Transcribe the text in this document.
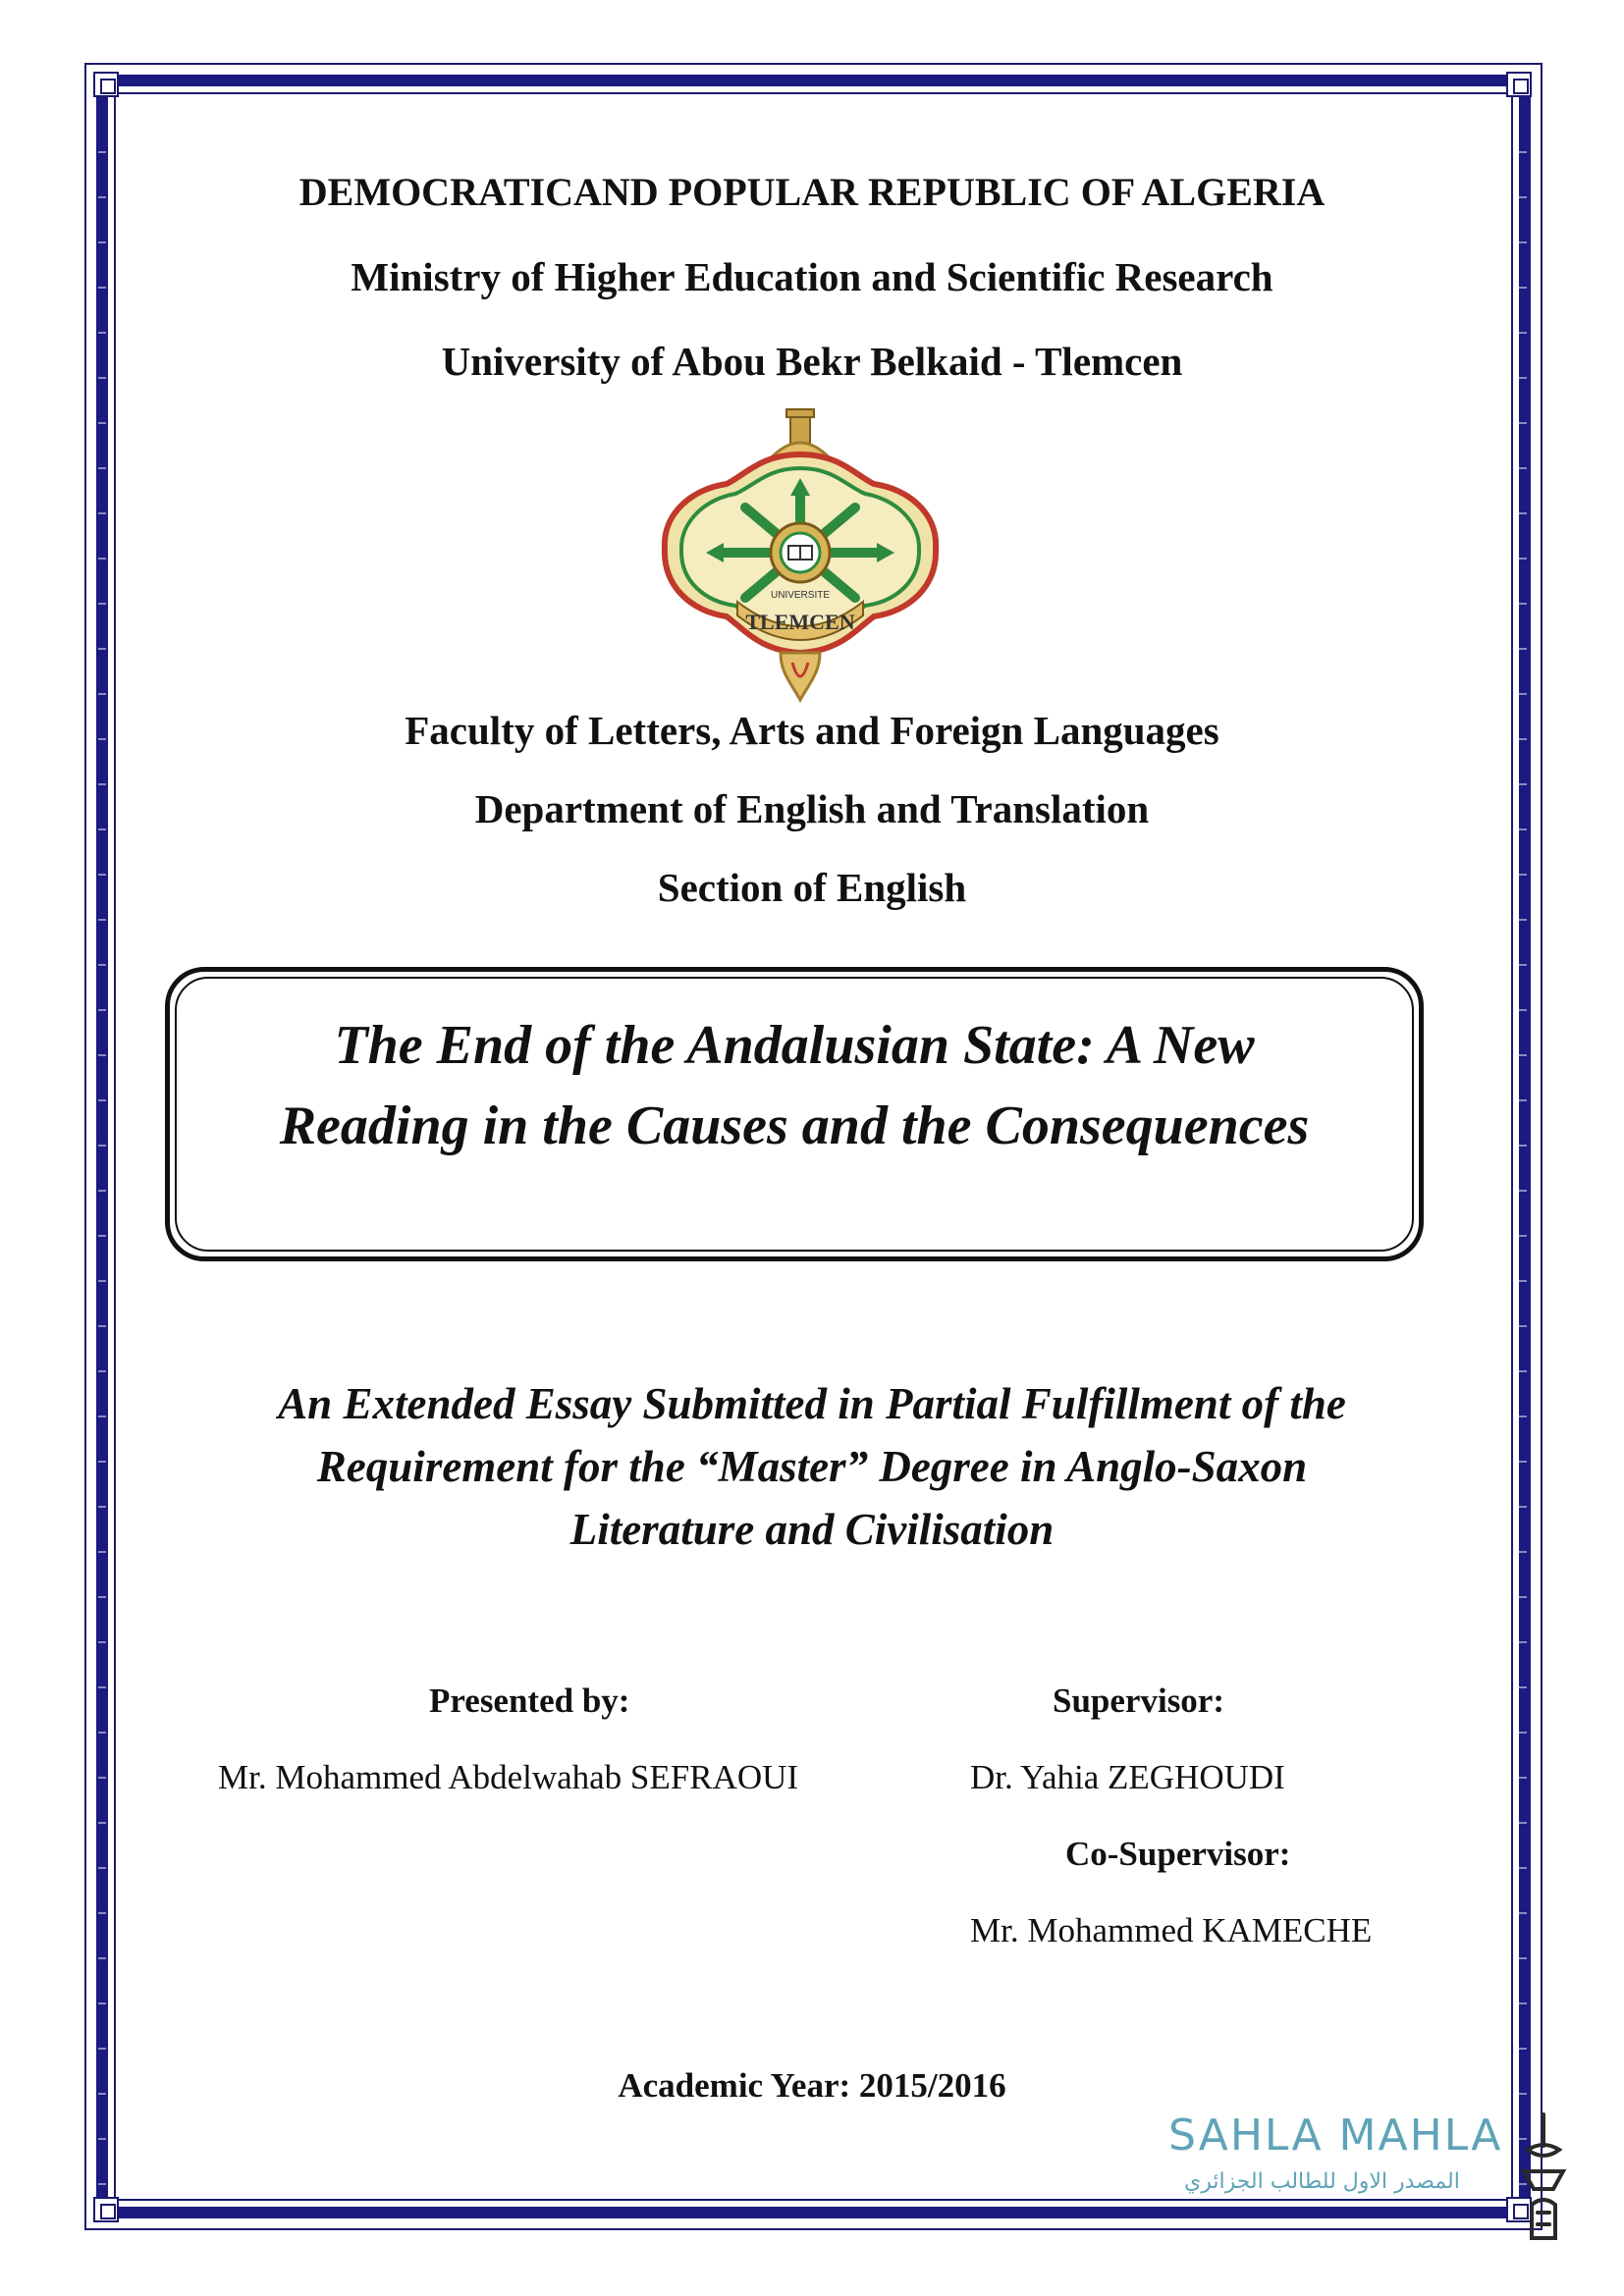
DEMOCRATICAND POPULAR REPUBLIC OF ALGERIA
Ministry of Higher Education and Scientific Research
University of Abou Bekr Belkaid - Tlemcen
TLEMCEN
UNIVERSITE
Faculty of Letters, Arts and Foreign Languages
Department of English and Translation
Section of English
The End of the Andalusian State: A New
Reading in the Causes and the Consequences
An Extended Essay Submitted in Partial Fulfillment of the
Requirement for the “Master” Degree in Anglo-Saxon
Literature and Civilisation
Presented by:
Mr. Mohammed Abdelwahab SEFRAOUI
Supervisor:
Dr. Yahia ZEGHOUDI
Co-Supervisor:
Mr. Mohammed KAMECHE
Academic Year: 2015/2016
SAHLA MAHLA
المصدر الاول للطالب الجزائري
